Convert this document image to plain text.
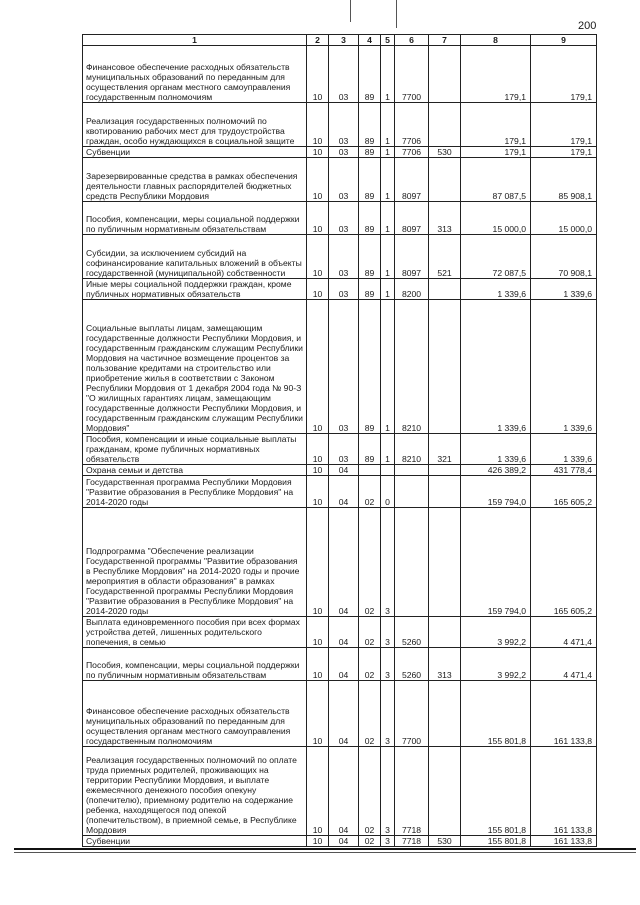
200
1	2	3	4	5	6	7	8	9
Финансовое обеспечение расходных обязательств муниципальных образований по переданным для осуществления органам местного самоуправления государственным полномочиям	10	03	89	1	7700		179,1	179,1
Реализация государственных полномочий по квотированию рабочих мест для трудоустройства граждан, особо нуждающихся в социальной защите	10	03	89	1	7706		179,1	179,1
Субвенции	10	03	89	1	7706	530	179,1	179,1
Зарезервированные средства в рамках обеспечения деятельности главных распорядителей бюджетных средств Республики Мордовия	10	03	89	1	8097		87 087,5	85 908,1
Пособия, компенсации, меры социальной поддержки по публичным нормативным обязательствам	10	03	89	1	8097	313	15 000,0	15 000,0
Субсидии, за исключением субсидий на софинансирование капитальных вложений в объекты государственной (муниципальной) собственности	10	03	89	1	8097	521	72 087,5	70 908,1
Иные меры социальной поддержки граждан, кроме публичных нормативных обязательств	10	03	89	1	8200		1 339,6	1 339,6
Социальные выплаты лицам, замещающим государственные должности Республики Мордовия, и государственным гражданским служащим Республики Мордовия на частичное возмещение процентов за пользование кредитами на строительство или приобретение жилья в соответствии с Законом Республики Мордовия от 1 декабря 2004 года № 90-З "О жилищных гарантиях лицам, замещающим государственные должности Республики Мордовия, и государственным гражданским служащим Республики Мордовия"	10	03	89	1	8210		1 339,6	1 339,6
Пособия, компенсации и иные социальные выплаты гражданам, кроме публичных нормативных обязательств	10	03	89	1	8210	321	1 339,6	1 339,6
Охрана семьи и детства	10	04					426 389,2	431 778,4
Государственная программа Республики Мордовия "Развитие образования в Республике Мордовия" на 2014-2020 годы	10	04	02	0			159 794,0	165 605,2
Подпрограмма "Обеспечение реализации Государственной программы "Развитие образования в Республике Мордовия" на 2014-2020 годы и прочие мероприятия в области образования" в рамках Государственной программы Республики Мордовия "Развитие образования в Республике Мордовия" на 2014-2020 годы	10	04	02	3			159 794,0	165 605,2
Выплата единовременного пособия при всех формах устройства детей, лишенных родительского попечения, в семью	10	04	02	3	5260		3 992,2	4 471,4
Пособия, компенсации, меры социальной поддержки по публичным нормативным обязательствам	10	04	02	3	5260	313	3 992,2	4 471,4
Финансовое обеспечение расходных обязательств муниципальных образований по переданным для осуществления органам местного самоуправления государственным полномочиям	10	04	02	3	7700		155 801,8	161 133,8
Реализация государственных полномочий по оплате труда приемных родителей, проживающих на территории Республики Мордовия, и выплате ежемесячного денежного пособия опекуну (попечителю), приемному родителю на содержание ребенка, находящегося под опекой (попечительством), в приемной семье, в Республике Мордовия	10	04	02	3	7718		155 801,8	161 133,8
Субвенции	10	04	02	3	7718	530	155 801,8	161 133,8
